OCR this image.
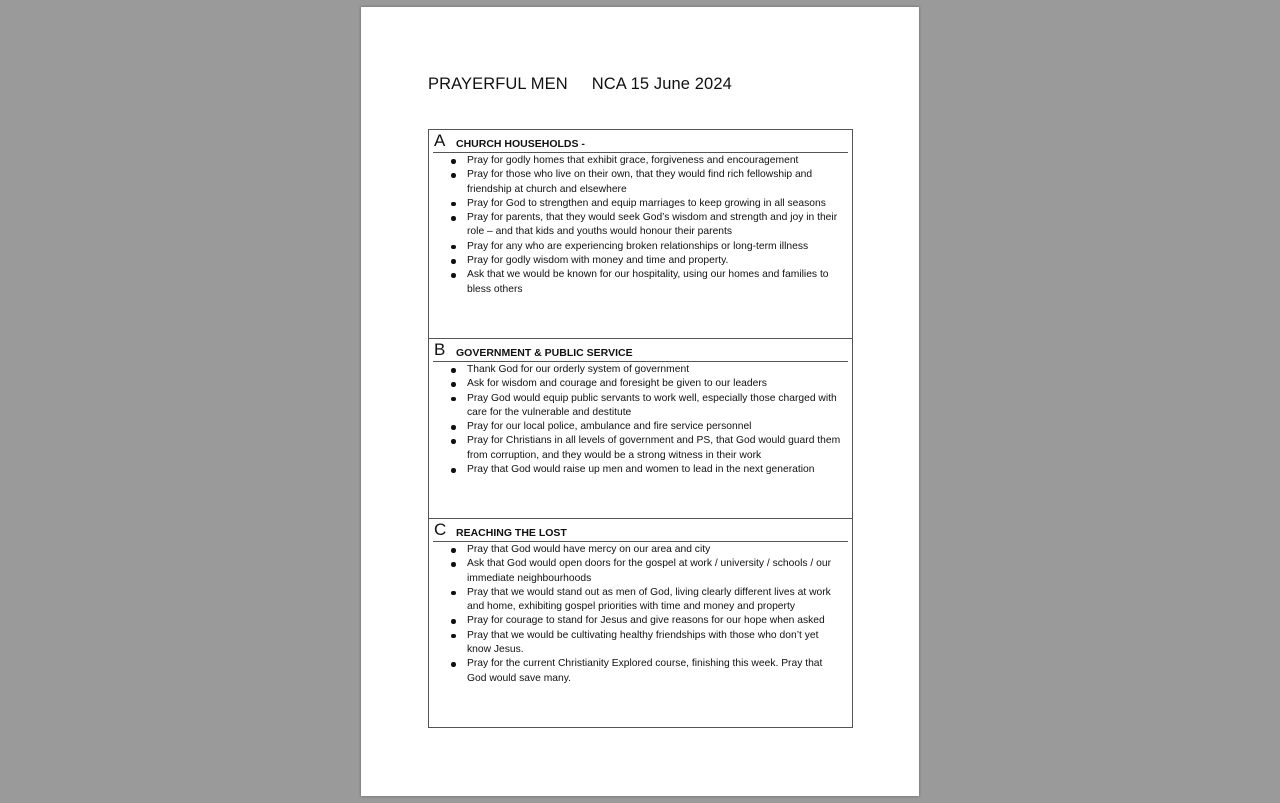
PRAYERFUL MEN NCA 15 June 2024
A CHURCH HOUSEHOLDS -
Pray for godly homes that exhibit grace, forgiveness and encouragement
Pray for those who live on their own, that they would find rich fellowship and friendship at church and elsewhere
Pray for God to strengthen and equip marriages to keep growing in all seasons
Pray for parents, that they would seek God’s wisdom and strength and joy in their role – and that kids and youths would honour their parents
Pray for any who are experiencing broken relationships or long-term illness
Pray for godly wisdom with money and time and property.
Ask that we would be known for our hospitality, using our homes and families to bless others
B GOVERNMENT & PUBLIC SERVICE
Thank God for our orderly system of government
Ask for wisdom and courage and foresight be given to our leaders
Pray God would equip public servants to work well, especially those charged with care for the vulnerable and destitute
Pray for our local police, ambulance and fire service personnel
Pray for Christians in all levels of government and PS, that God would guard them from corruption, and they would be a strong witness in their work
Pray that God would raise up men and women to lead in the next generation
C REACHING THE LOST
Pray that God would have mercy on our area and city
Ask that God would open doors for the gospel at work / university / schools / our immediate neighbourhoods
Pray that we would stand out as men of God, living clearly different lives at work and home, exhibiting gospel priorities with time and money and property
Pray for courage to stand for Jesus and give reasons for our hope when asked
Pray that we would be cultivating healthy friendships with those who don’t yet know Jesus.
Pray for the current Christianity Explored course, finishing this week. Pray that God would save many.
